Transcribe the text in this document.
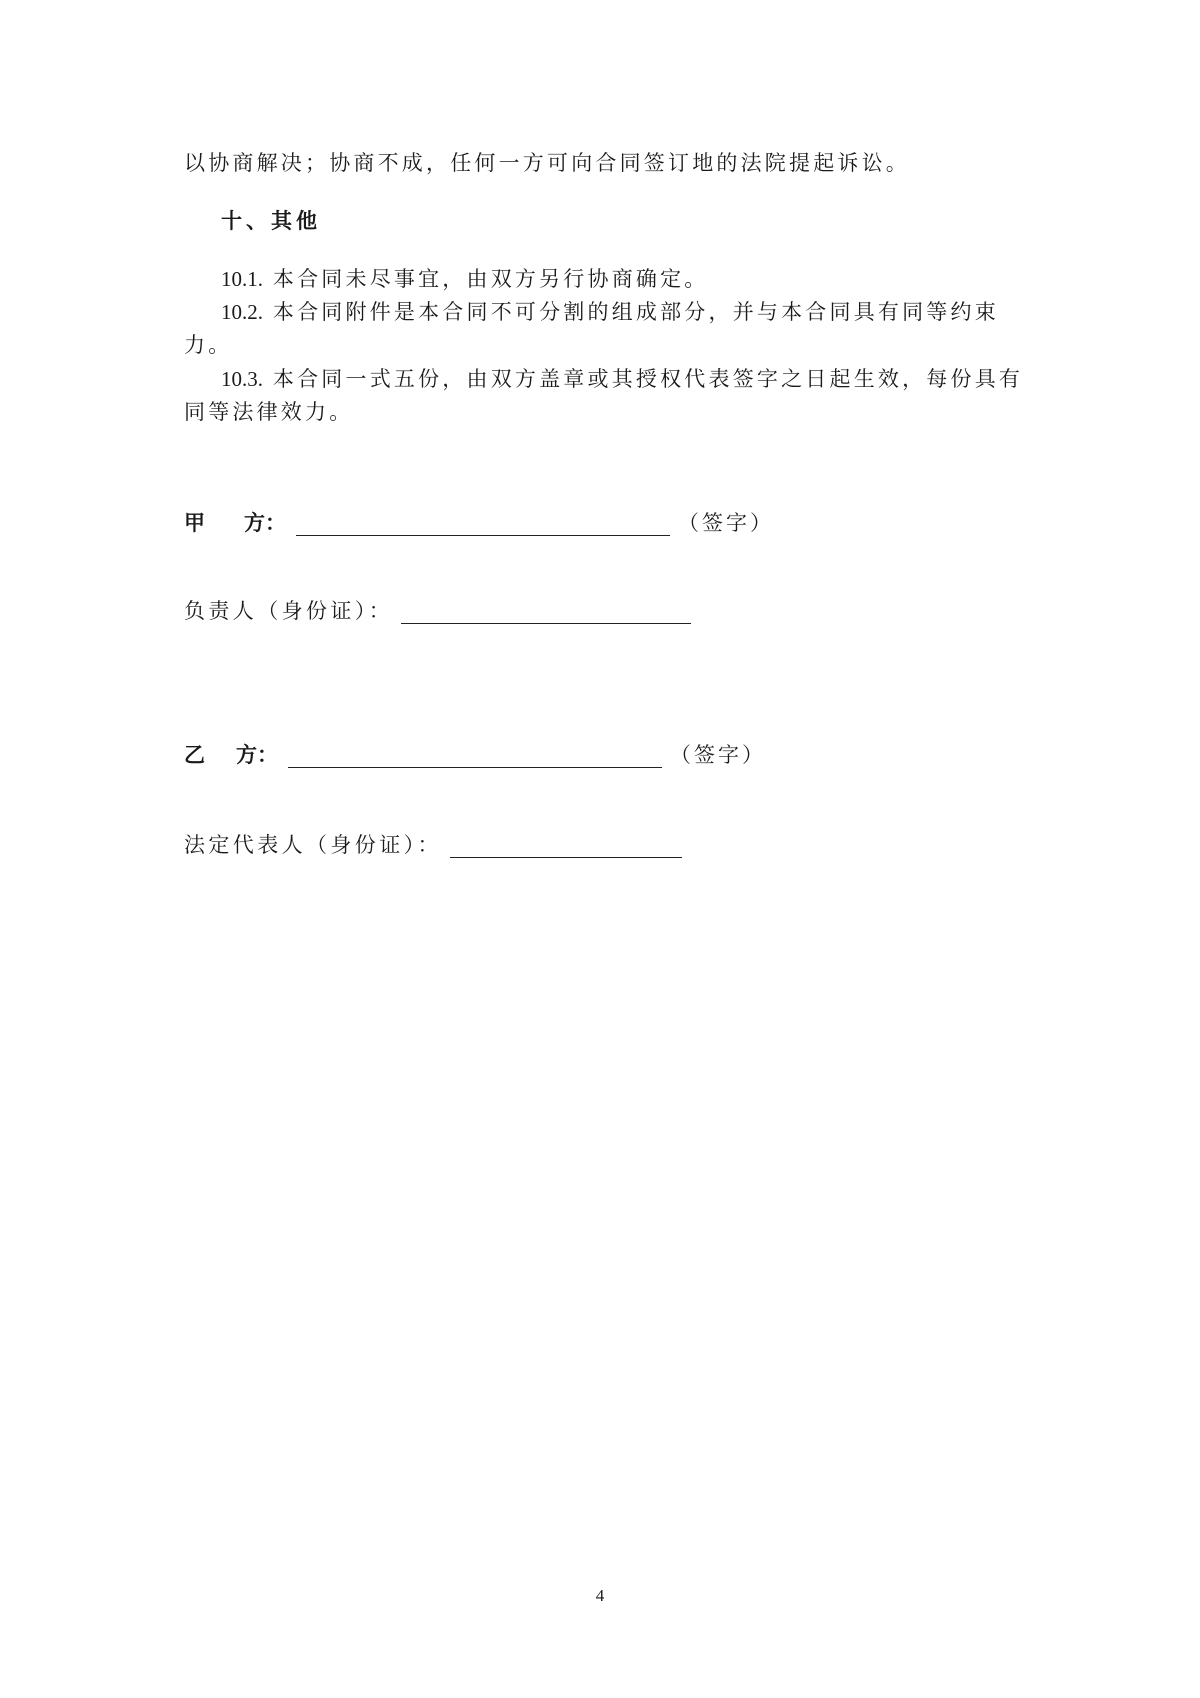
以协商解决；协商不成，任何一方可向合同签订地的法院提起诉讼。
十、其他
10.1. 本合同未尽事宜，由双方另行协商确定。
10.2. 本合同附件是本合同不可分割的组成部分，并与本合同具有同等约束
力。
10.3. 本合同一式五份，由双方盖章或其授权代表签字之日起生效，每份具有
同等法律效力。
甲 方：	（签字）
负责人（身份证）：
乙 方：	（签字）
法定代表人（身份证）：
4
